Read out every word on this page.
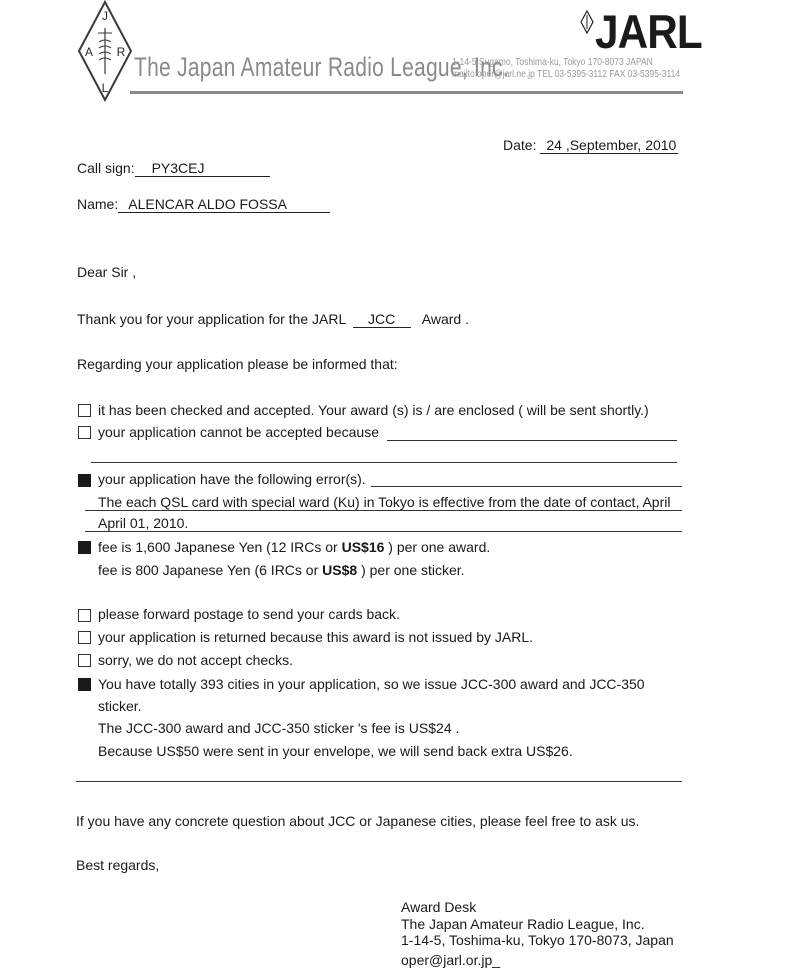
J
A R
L
The Japan Amateur Radio League, Inc.
JARL
1-14-5 Sugamo, Toshima-ku, Tokyo 170-8073 JAPAN
mailto:oper@jarl.ne.jp TEL 03-5395-3112 FAX 03-5395-3114
Date: 24 ,September, 2010
Call sign: PY3CEJ
Name: ALENCAR ALDO FOSSA
Dear Sir ,
Thank you for your application for the JARL JCC Award .
Regarding your application please be informed that:
it has been checked and accepted. Your award (s) is / are enclosed ( will be sent shortly.)
your application cannot be accepted because
your application have the following error(s).
The each QSL card with special ward (Ku) in Tokyo is effective from the date of contact, April
April 01, 2010.
fee is 1,600 Japanese Yen (12 IRCs or US$16 ) per one award.
fee is 800 Japanese Yen (6 IRCs or US$8 ) per one sticker.
please forward postage to send your cards back.
your application is returned because this award is not issued by JARL.
sorry, we do not accept checks.
You have totally 393 cities in your application, so we issue JCC-300 award and JCC-350
sticker.
The JCC-300 award and JCC-350 sticker 's fee is US$24 .
Because US$50 were sent in your envelope, we will send back extra US$26.
If you have any concrete question about JCC or Japanese cities, please feel free to ask us.
Best regards,
Award Desk
The Japan Amateur Radio League, Inc.
1-14-5, Toshima-ku, Tokyo 170-8073, Japan
oper@jarl.or.jp_
